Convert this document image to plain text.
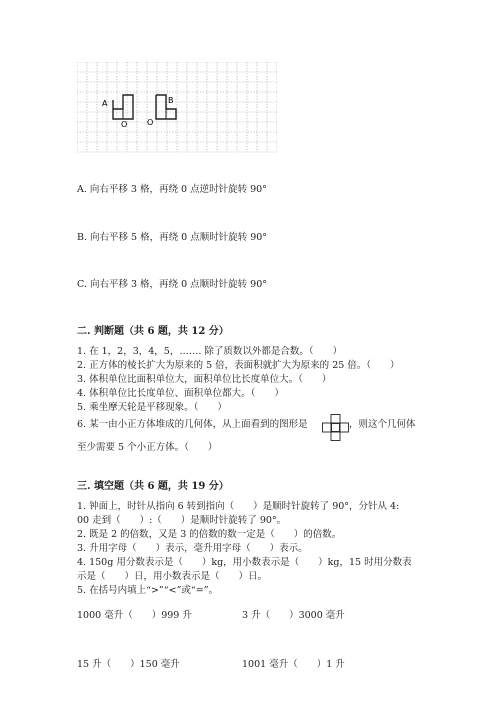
A	B
O O
A. 向右平移 3 格，再绕 0 点逆时针旋转 90°
B. 向右平移 5 格，再绕 0 点顺时针旋转 90°
C. 向右平移 3 格，再绕 0 点顺时针旋转 90°
二. 判断题（共 6 题，共 12 分）
1. 在 1，2，3，4，5，……. 除了质数以外都是合数。（　　）
2. 正方体的棱长扩大为原来的 5 倍，表面积就扩大为原来的 25 倍。（　　）
3. 体积单位比面积单位大，面积单位比长度单位大。（　　）
4. 体积单位比长度单位、面积单位都大。（　　）
5. 乘坐摩天轮是平移现象。（　　）
6. 某一由小正方体堆成的几何体，从上面看到的图形是	，则这个几何体
至少需要 5 个小正方体。（　　）
三. 填空题（共 6 题，共 19 分）
1. 钟面上，时针从指向 6 转到指向（　　）是顺时针旋转了 90°，分针从 4:
00 走到（　　）:（　　）是顺时针旋转了 90°。
2. 既是 2 的倍数，又是 3 的倍数的数一定是（　　）的倍数。
3. 升用字母（　　）表示，毫升用字母（　　）表示。
4. 150g 用分数表示是（　　）kg，用小数表示是（　　）kg，15 时用分数表
示是（　　）日，用小数表示是（　　）日。
5. 在括号内填上“>”“<”或“=”。
1000 毫升（　　）999 升	3 升（　　）3000 毫升
15 升（　　）150 毫升	1001 毫升（　　）1 升
